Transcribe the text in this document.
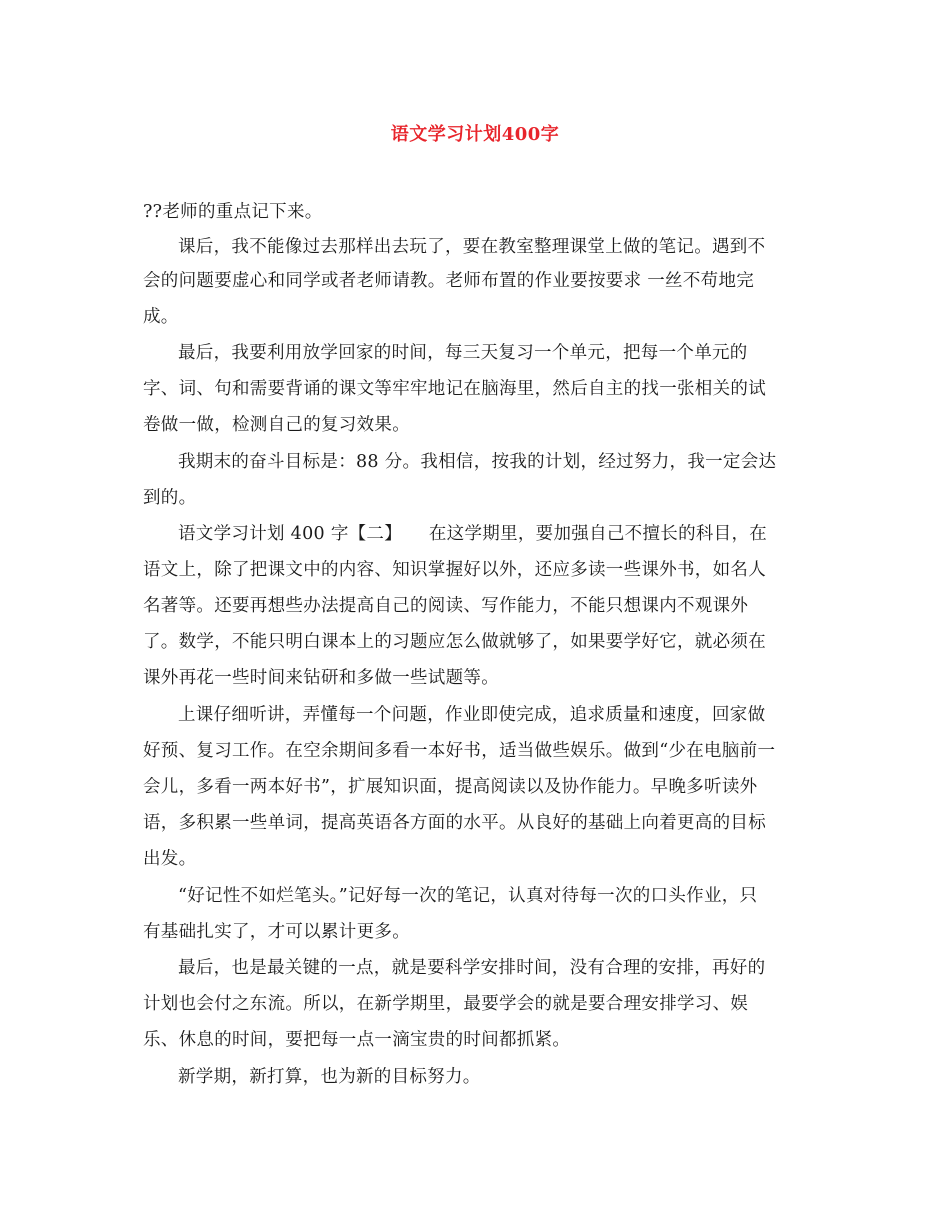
语文学习计划400字
??老师的重点记下来。
课后，我不能像过去那样出去玩了，要在教室整理课堂上做的笔记。遇到不
会的问题要虚心和同学或者老师请教。老师布置的作业要按要求 一丝不苟地完
成。
最后，我要利用放学回家的时间，每三天复习一个单元，把每一个单元的
字、词、句和需要背诵的课文等牢牢地记在脑海里，然后自主的找一张相关的试
卷做一做，检测自己的复习效果。
我期末的奋斗目标是：88 分。我相信，按我的计划，经过努力，我一定会达
到的。
语文学习计划 400 字【二】　　在这学期里，要加强自己不擅长的科目，在
语文上，除了把课文中的内容、知识掌握好以外，还应多读一些课外书，如名人
名著等。还要再想些办法提高自己的阅读、写作能力，不能只想课内不观课外
了。数学，不能只明白课本上的习题应怎么做就够了，如果要学好它，就必须在
课外再花一些时间来钻研和多做一些试题等。
上课仔细听讲，弄懂每一个问题，作业即使完成，追求质量和速度，回家做
好预、复习工作。在空余期间多看一本好书，适当做些娱乐。做到“少在电脑前一
会儿，多看一两本好书”，扩展知识面，提高阅读以及协作能力。早晚多听读外
语，多积累一些单词，提高英语各方面的水平。从良好的基础上向着更高的目标
出发。
“好记性不如烂笔头。”记好每一次的笔记，认真对待每一次的口头作业，只
有基础扎实了，才可以累计更多。
最后，也是最关键的一点，就是要科学安排时间，没有合理的安排，再好的
计划也会付之东流。所以，在新学期里，最要学会的就是要合理安排学习、娱
乐、休息的时间，要把每一点一滴宝贵的时间都抓紧。
新学期，新打算，也为新的目标努力。
